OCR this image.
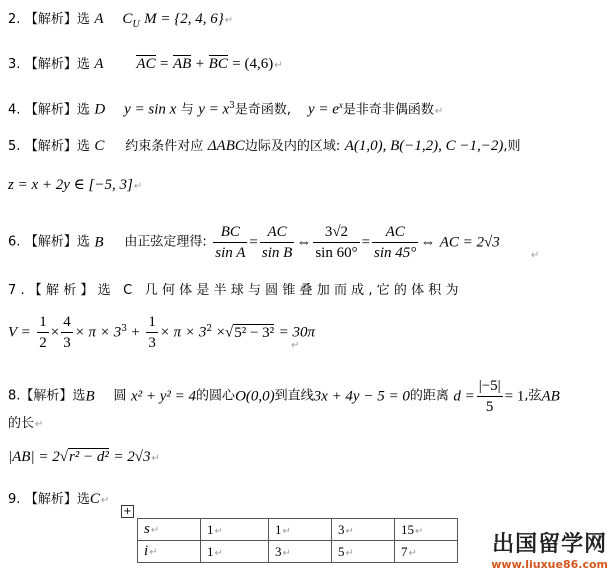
2. 【解析】选 A $C_U$ M = {2, 4, 6}↵
3. 【解析】选 A AC = AB + BC = (4,6)↵
4. 【解析】选 D y = sin x 与 $y = x^3$是奇函数, $y = e^x$是非奇非偶函数↵
5. 【解析】选 C 约束条件对应 ΔABC边际及内的区域: A(1,0), B(−1,2), C −1,−2),则
z = x + 2y ∈ [−5, 3]↵
6. 【解析】选 B 由正弦定理得: $\frac{BC}{\text{sin A}} = \frac{AC}{\text{sin B}}$ ⇔ $\frac{3√2}{\sin 60^\circ} = \frac{AC}{\sin 45^\circ}$ ⇔ AC = 2√3
↵
7.【解析】选 C 几何体是半球与圆锥叠加而成,它的体积为
$V = \frac{1}{2} \times \frac{4}{3} \times \pi \times 3^3 + \frac{1}{3} \times \pi \times 3^2 \times√5^2 - 3^2 = 30\pi$
↵
8.【解析】选B 圆 x² + y² = 4的圆心O(0,0)到直线3x + 4y − 5 = 0的距离 $d = \frac{|-5|}{5} = 1$,弦AB
的长↵
|AB| = 2√r² − d² = 2√3↵
9. 【解析】选C↵
+
s↵	1↵	1↵	3↵	15↵
i↵	1↵	3↵	5↵	7↵	出国留学网
www.liuxue86.com
